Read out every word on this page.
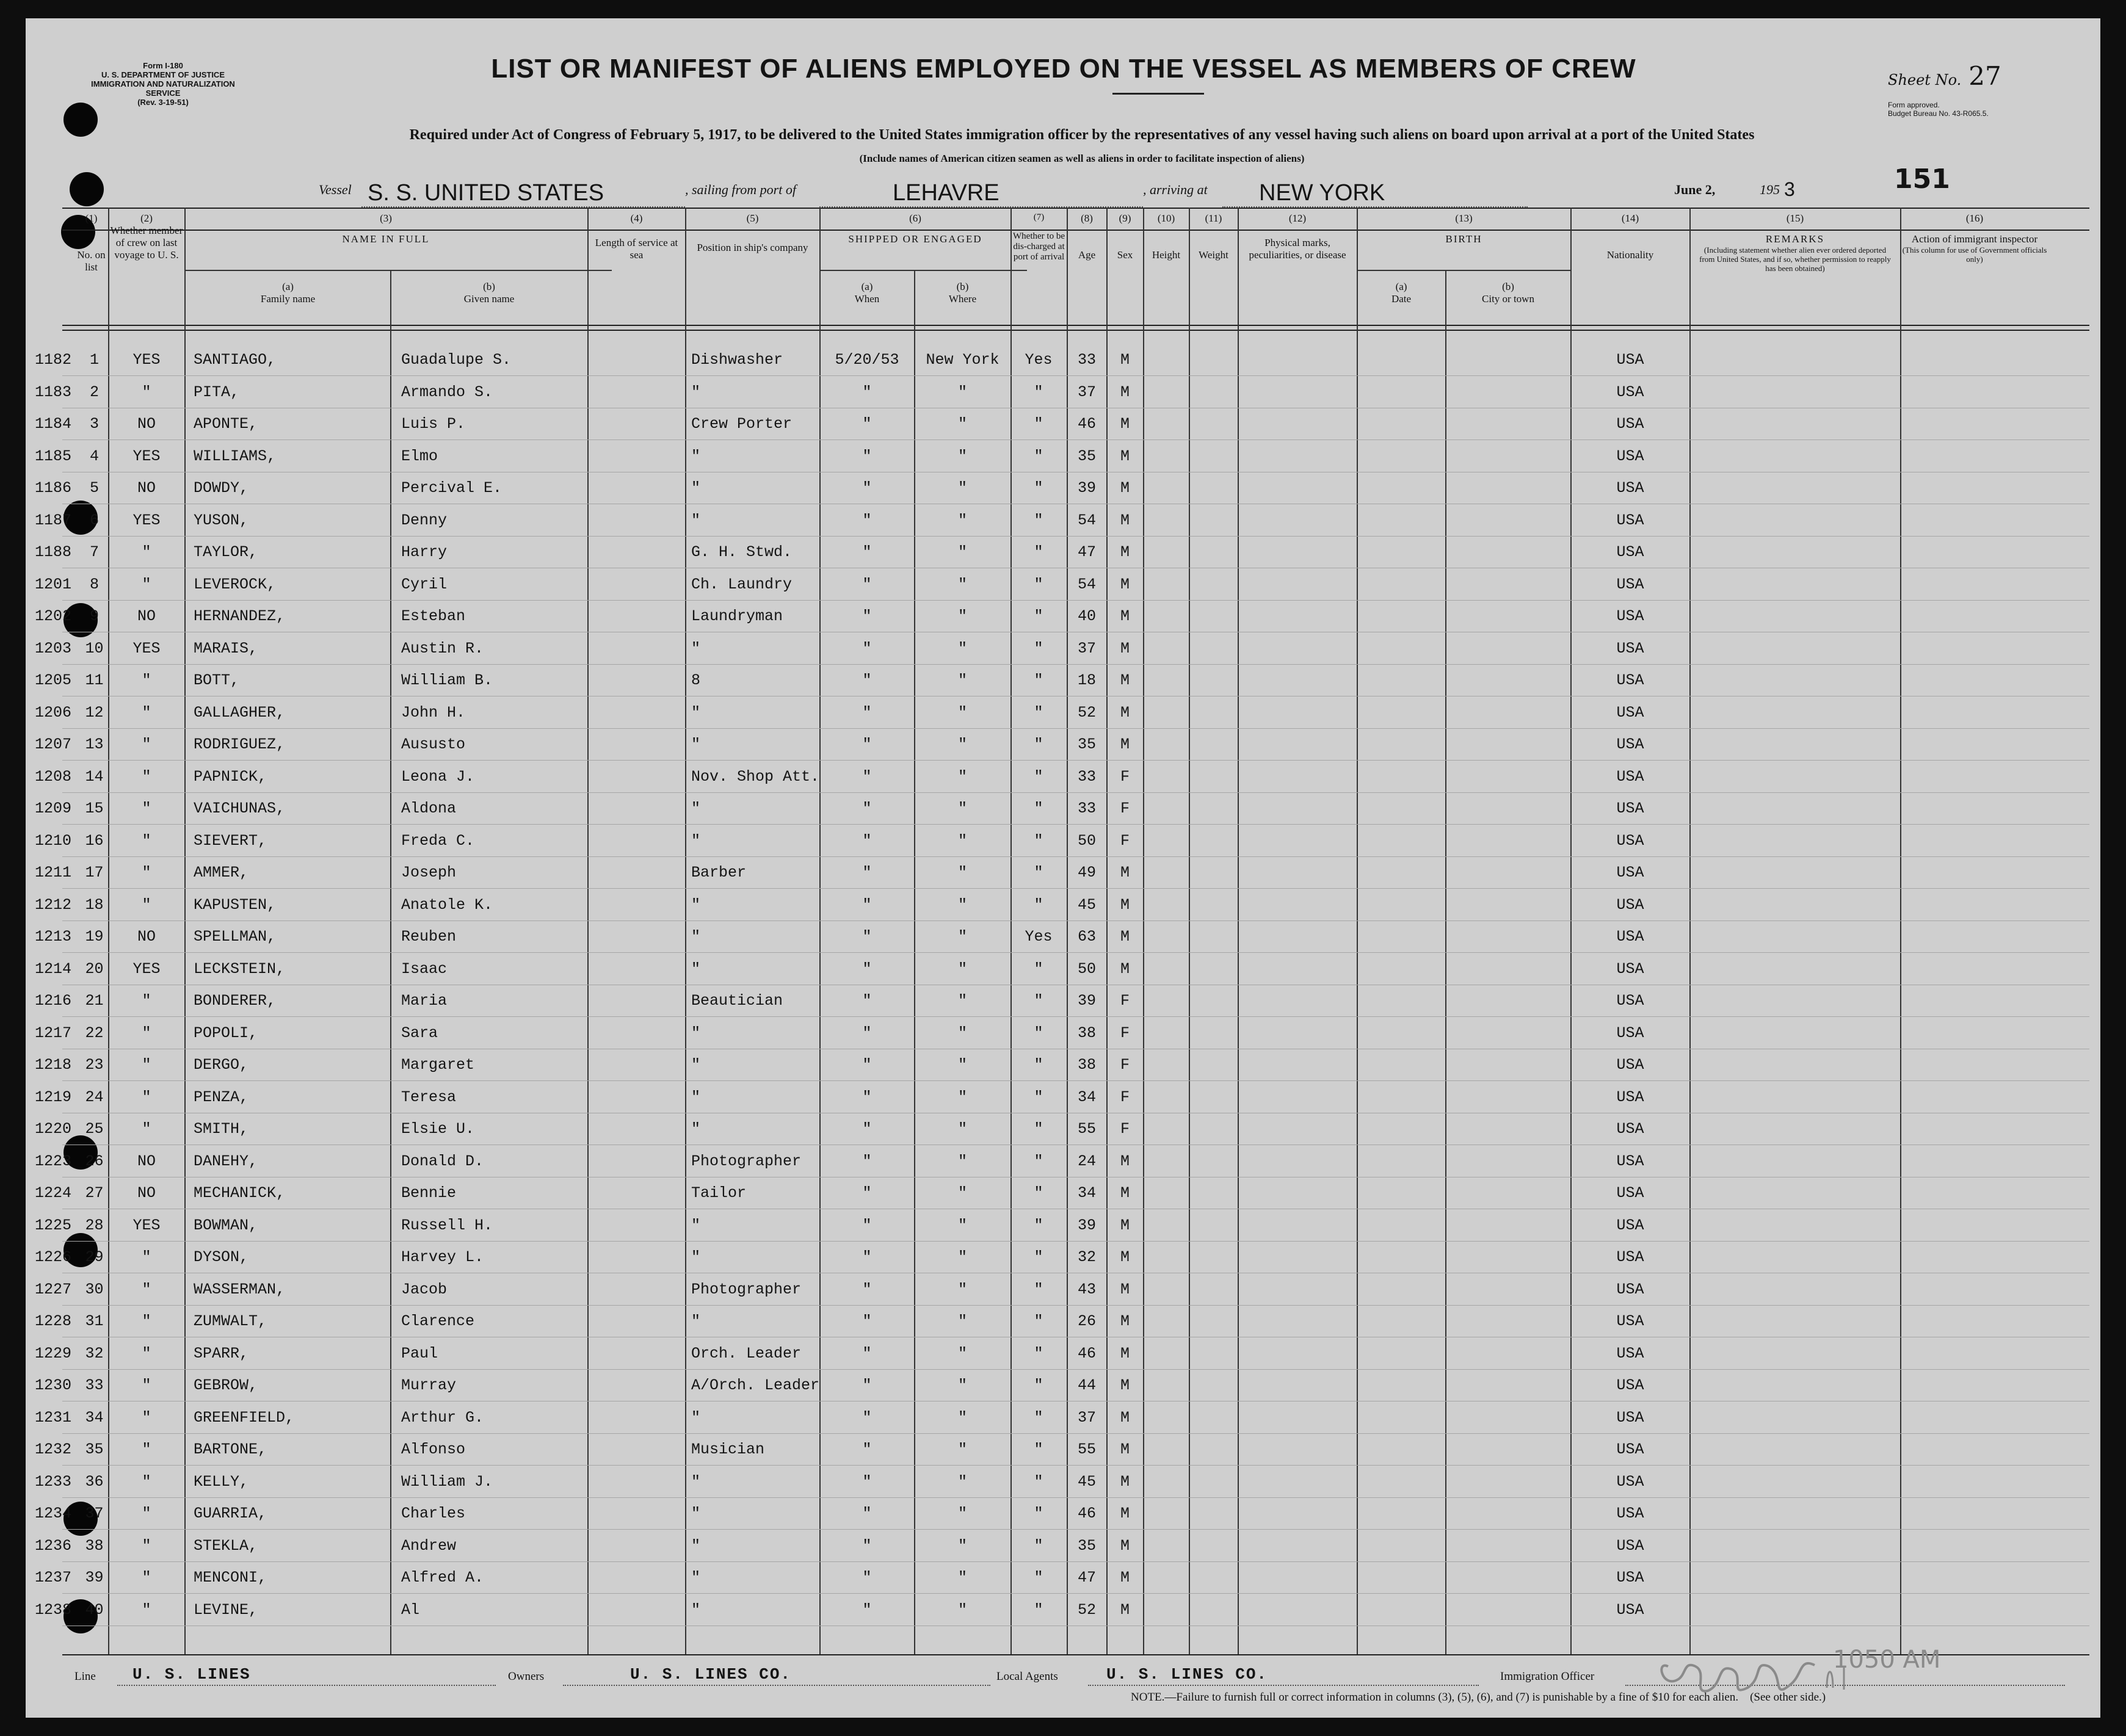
Form I-180
U. S. DEPARTMENT OF JUSTICE
IMMIGRATION AND NATURALIZATION SERVICE
(Rev. 3-19-51)
LIST OR MANIFEST OF ALIENS EMPLOYED ON THE VESSEL AS MEMBERS OF CREW	Sheet No. 27
Form approved.
Budget Bureau No. 43-R065.5.
Required under Act of Congress of February 5, 1917, to be delivered to the United States immigration officer by the representatives of any vessel having such aliens on board upon arrival at a port of the United States
(Include names of American citizen seamen as well as aliens in order to facilitate inspection of aliens)
Vessel S. S. UNITED STATES	, sailing from port of	LEHAVRE	, arriving at NEW YORK	June 2,	195 3	151
(1)
No. on list
(2)
Whether member of crew on last voyage to U. S.
(3)
NAME IN FULL
(a)
Family name
(b)
Given name
(4)
Length of service at sea
(5)
Position in ship's company
(6)
SHIPPED OR ENGAGED
(a)
When
(b)
Where
(7)
Whether to be dis-charged at port of arrival
(8)
Age
(9)
Sex
(10)
Height
(11)
Weight
(12)
Physical marks, peculiarities, or disease
(13)
BIRTH
(a)
Date
(b)
City or town
(14)
Nationality
(15)
REMARKS
(Including statement whether alien ever ordered deported from United States, and if so, whether permission to reapply has been obtained)
(16)
Action of immigrant inspector
(This column for use of Government officials only)
1182	1	YES	SANTIAGO,	Guadalupe S.	Dishwasher	5/20/53	New York	Yes	33	M	USA
1183	2	"	PITA,	Armando S.	"	"	"	"	37	M	USA
1184	3	NO	APONTE,	Luis P.	Crew Porter	"	"	"	46	M	USA
1185	4	YES	WILLIAMS,	Elmo	"	"	"	"	35	M	USA
1186	5	NO	DOWDY,	Percival E.	"	"	"	"	39	M	USA
1187	6	YES	YUSON,	Denny	"	"	"	"	54	M	USA
1188	7	"	TAYLOR,	Harry	G. H. Stwd.	"	"	"	47	M	USA
1201	8	"	LEVEROCK,	Cyril	Ch. Laundry	"	"	"	54	M	USA
1202	9	NO	HERNANDEZ,	Esteban	Laundryman	"	"	"	40	M	USA
1203 10	YES	MARAIS,	Austin R.	"	"	"	"	37	M	USA
1205 11	"	BOTT,	William B.	8	"	"	"	18	M	USA
1206 12	"	GALLAGHER,	John H.	"	"	"	"	52	M	USA
1207 13	"	RODRIGUEZ,	Aususto	"	"	"	"	35	M	USA
1208 14	"	PAPNICK,	Leona J.	Nov. Shop Att.	"	"	"	33	F	USA
1209 15	"	VAICHUNAS,	Aldona	"	"	"	"	33	F	USA
1210 16	"	SIEVERT,	Freda C.	"	"	"	"	50	F	USA
1211 17	"	AMMER,	Joseph	Barber	"	"	"	49	M	USA
1212 18	"	KAPUSTEN,	Anatole K.	"	"	"	"	45	M	USA
1213 19	NO	SPELLMAN,	Reuben	"	"	"	Yes	63	M	USA
1214 20	YES	LECKSTEIN,	Isaac	"	"	"	"	50	M	USA
1216 21	"	BONDERER,	Maria	Beautician	"	"	"	39	F	USA
1217 22	"	POPOLI,	Sara	"	"	"	"	38	F	USA
1218 23	"	DERGO,	Margaret	"	"	"	"	38	F	USA
1219 24	"	PENZA,	Teresa	"	"	"	"	34	F	USA
1220 25	"	SMITH,	Elsie U.	"	"	"	"	55	F	USA
1223 26	NO	DANEHY,	Donald D.	Photographer	"	"	"	24	M	USA
1224 27	NO	MECHANICK,	Bennie	Tailor	"	"	"	34	M	USA
1225 28	YES	BOWMAN,	Russell H.	"	"	"	"	39	M	USA
1226 29	"	DYSON,	Harvey L.	"	"	"	"	32	M	USA
1227 30	"	WASSERMAN,	Jacob	Photographer	"	"	"	43	M	USA
1228 31	"	ZUMWALT,	Clarence	"	"	"	"	26	M	USA
1229 32	"	SPARR,	Paul	Orch. Leader	"	"	"	46	M	USA
1230 33	"	GEBROW,	Murray	A/Orch. Leader	"	"	"	44	M	USA
1231 34	"	GREENFIELD,	Arthur G.	"	"	"	"	37	M	USA
1232 35	"	BARTONE,	Alfonso	Musician	"	"	"	55	M	USA
1233 36	"	KELLY,	William J.	"	"	"	"	45	M	USA
1234 37	"	GUARRIA,	Charles	"	"	"	"	46	M	USA
1236 38	"	STEKLA,	Andrew	"	"	"	"	35	M	USA
1237 39	"	MENCONI,	Alfred A.	"	"	"	"	47	M	USA
1238 40	"	LEVINE,	Al	"	"	"	"	52	M	USA
Line U. S. LINES	Owners	U. S. LINES CO.	Local Agents	U. S. LINES CO.	Immigration Officer
NOTE.—Failure to furnish full or correct information in columns (3), (5), (6), and (7) is punishable by a fine of $10 for each alien. (See other side.)
1050 AM
